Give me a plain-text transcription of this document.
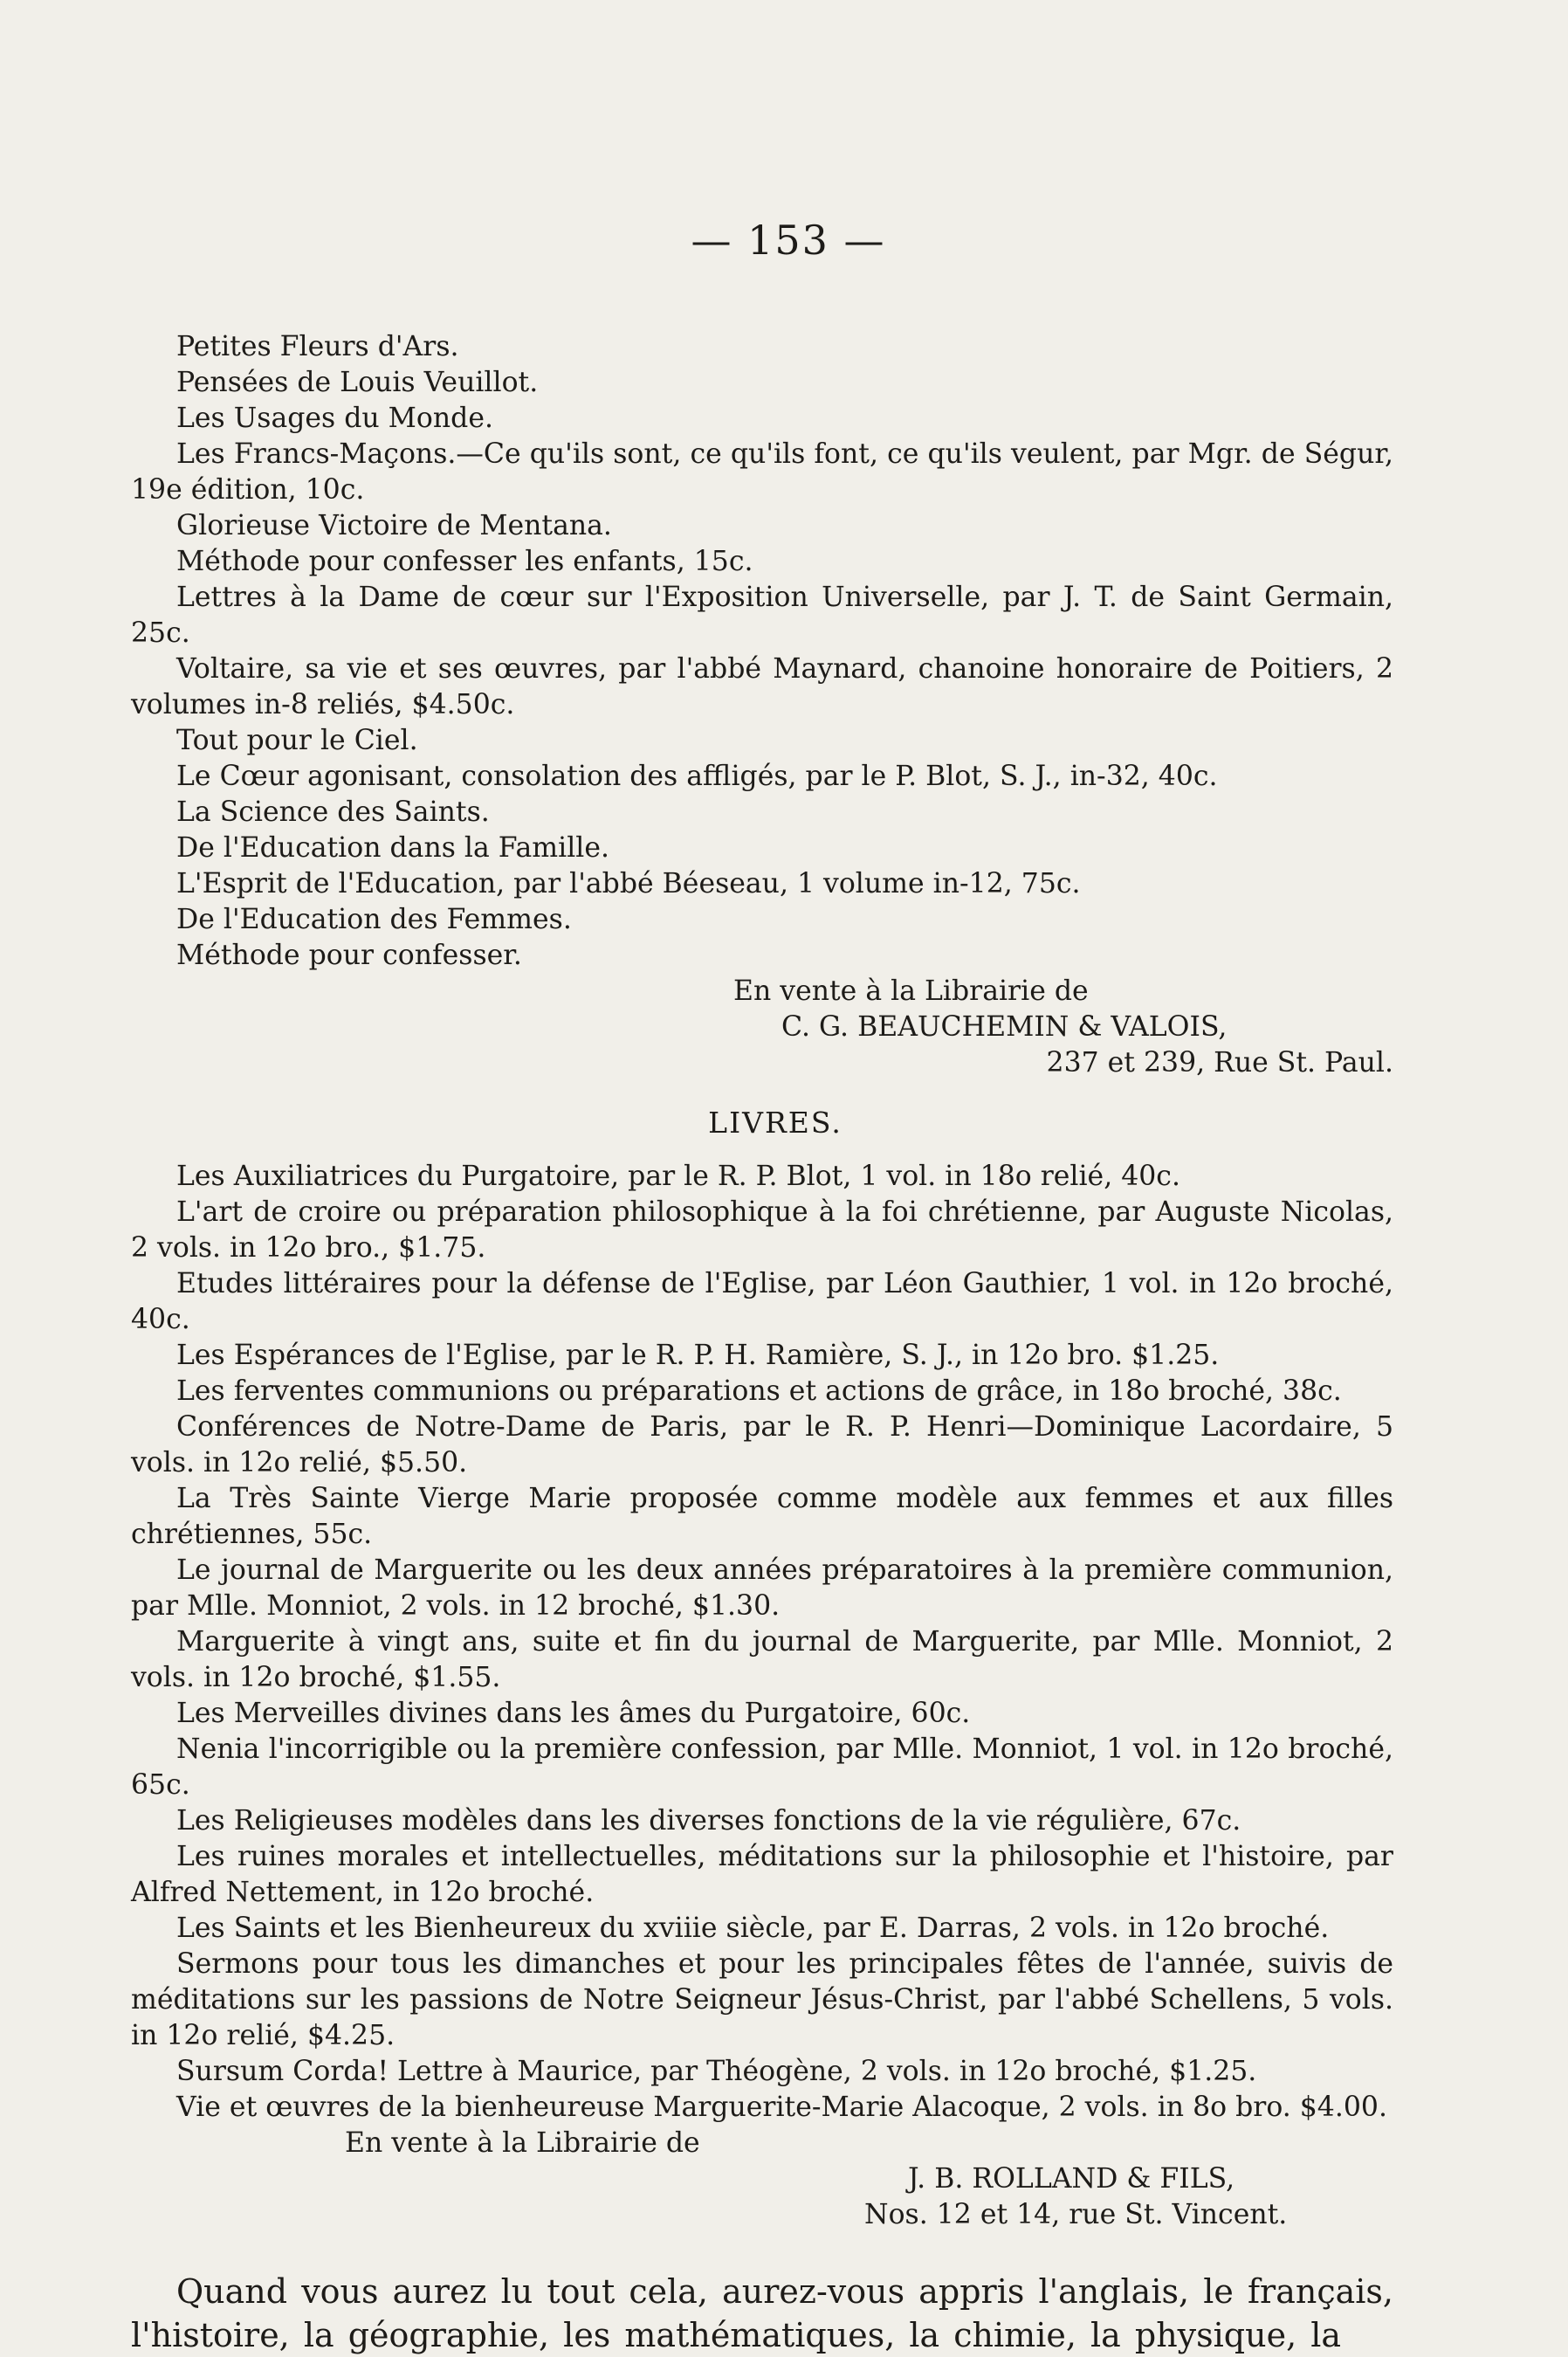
— 153 —

Petites Fleurs d'Ars.

Pensées de Louis Veuillot.

Les Usages du Monde.

Les Francs-Maçons.—Ce qu'ils sont, ce qu'ils font, ce qu'ils veulent, par Mgr. de Ségur, 19e édition, 10c.

Glorieuse Victoire de Mentana.

Méthode pour confesser les enfants, 15c.

Lettres à la Dame de cœur sur l'Exposition Universelle, par J. T. de Saint Germain, 25c.

Voltaire, sa vie et ses œuvres, par l'abbé Maynard, chanoine honoraire de Poitiers, 2 volumes in-8 reliés, $4.50c.

Tout pour le Ciel.

Le Cœur agonisant, consolation des affligés, par le P. Blot, S. J., in-32, 40c.

La Science des Saints.

De l'Education dans la Famille.

L'Esprit de l'Education, par l'abbé Béeseau, 1 volume in-12, 75c.

De l'Education des Femmes.

Méthode pour confesser.

En vente à la Librairie de
C. G. BEAUCHEMIN & VALOIS,
237 et 239, Rue St. Paul.
LIVRES.

Les Auxiliatrices du Purgatoire, par le R. P. Blot, 1 vol. in 18o relié, 40c.

L'art de croire ou préparation philosophique à la foi chrétienne, par Auguste Nicolas, 2 vols. in 12o bro., $1.75.

Etudes littéraires pour la défense de l'Eglise, par Léon Gauthier, 1 vol. in 12o broché, 40c.

Les Espérances de l'Eglise, par le R. P. H. Ramière, S. J., in 12o bro. $1.25.

Les ferventes communions ou préparations et actions de grâce, in 18o broché, 38c.

Conférences de Notre-Dame de Paris, par le R. P. Henri—Dominique Lacordaire, 5 vols. in 12o relié, $5.50.

La Très Sainte Vierge Marie proposée comme modèle aux femmes et aux filles chrétiennes, 55c.

Le journal de Marguerite ou les deux années préparatoires à la première communion, par Mlle. Monniot, 2 vols. in 12 broché, $1.30.

Marguerite à vingt ans, suite et fin du journal de Marguerite, par Mlle. Monniot, 2 vols. in 12o broché, $1.55.

Les Merveilles divines dans les âmes du Purgatoire, 60c.

Nenia l'incorrigible ou la première confession, par Mlle. Monniot, 1 vol. in 12o broché, 65c.

Les Religieuses modèles dans les diverses fonctions de la vie régulière, 67c.

Les ruines morales et intellectuelles, méditations sur la philosophie et l'histoire, par Alfred Nettement, in 12o broché.

Les Saints et les Bienheureux du xviiie siècle, par E. Darras, 2 vols. in 12o broché.

Sermons pour tous les dimanches et pour les principales fêtes de l'année, suivis de méditations sur les passions de Notre Seigneur Jésus-Christ, par l'abbé Schellens, 5 vols. in 12o relié, $4.25.

Sursum Corda! Lettre à Maurice, par Théogène, 2 vols. in 12o broché, $1.25.

Vie et œuvres de la bienheureuse Marguerite-Marie Alacoque, 2 vols. in 8o bro. $4.00.

En vente à la Librairie de
J. B. ROLLAND & FILS,
Nos. 12 et 14, rue St. Vincent.

Quand vous aurez lu tout cela, aurez-vous appris l'anglais, le français, l'histoire, la géographie, les mathématiques, la chimie, la physique, la
